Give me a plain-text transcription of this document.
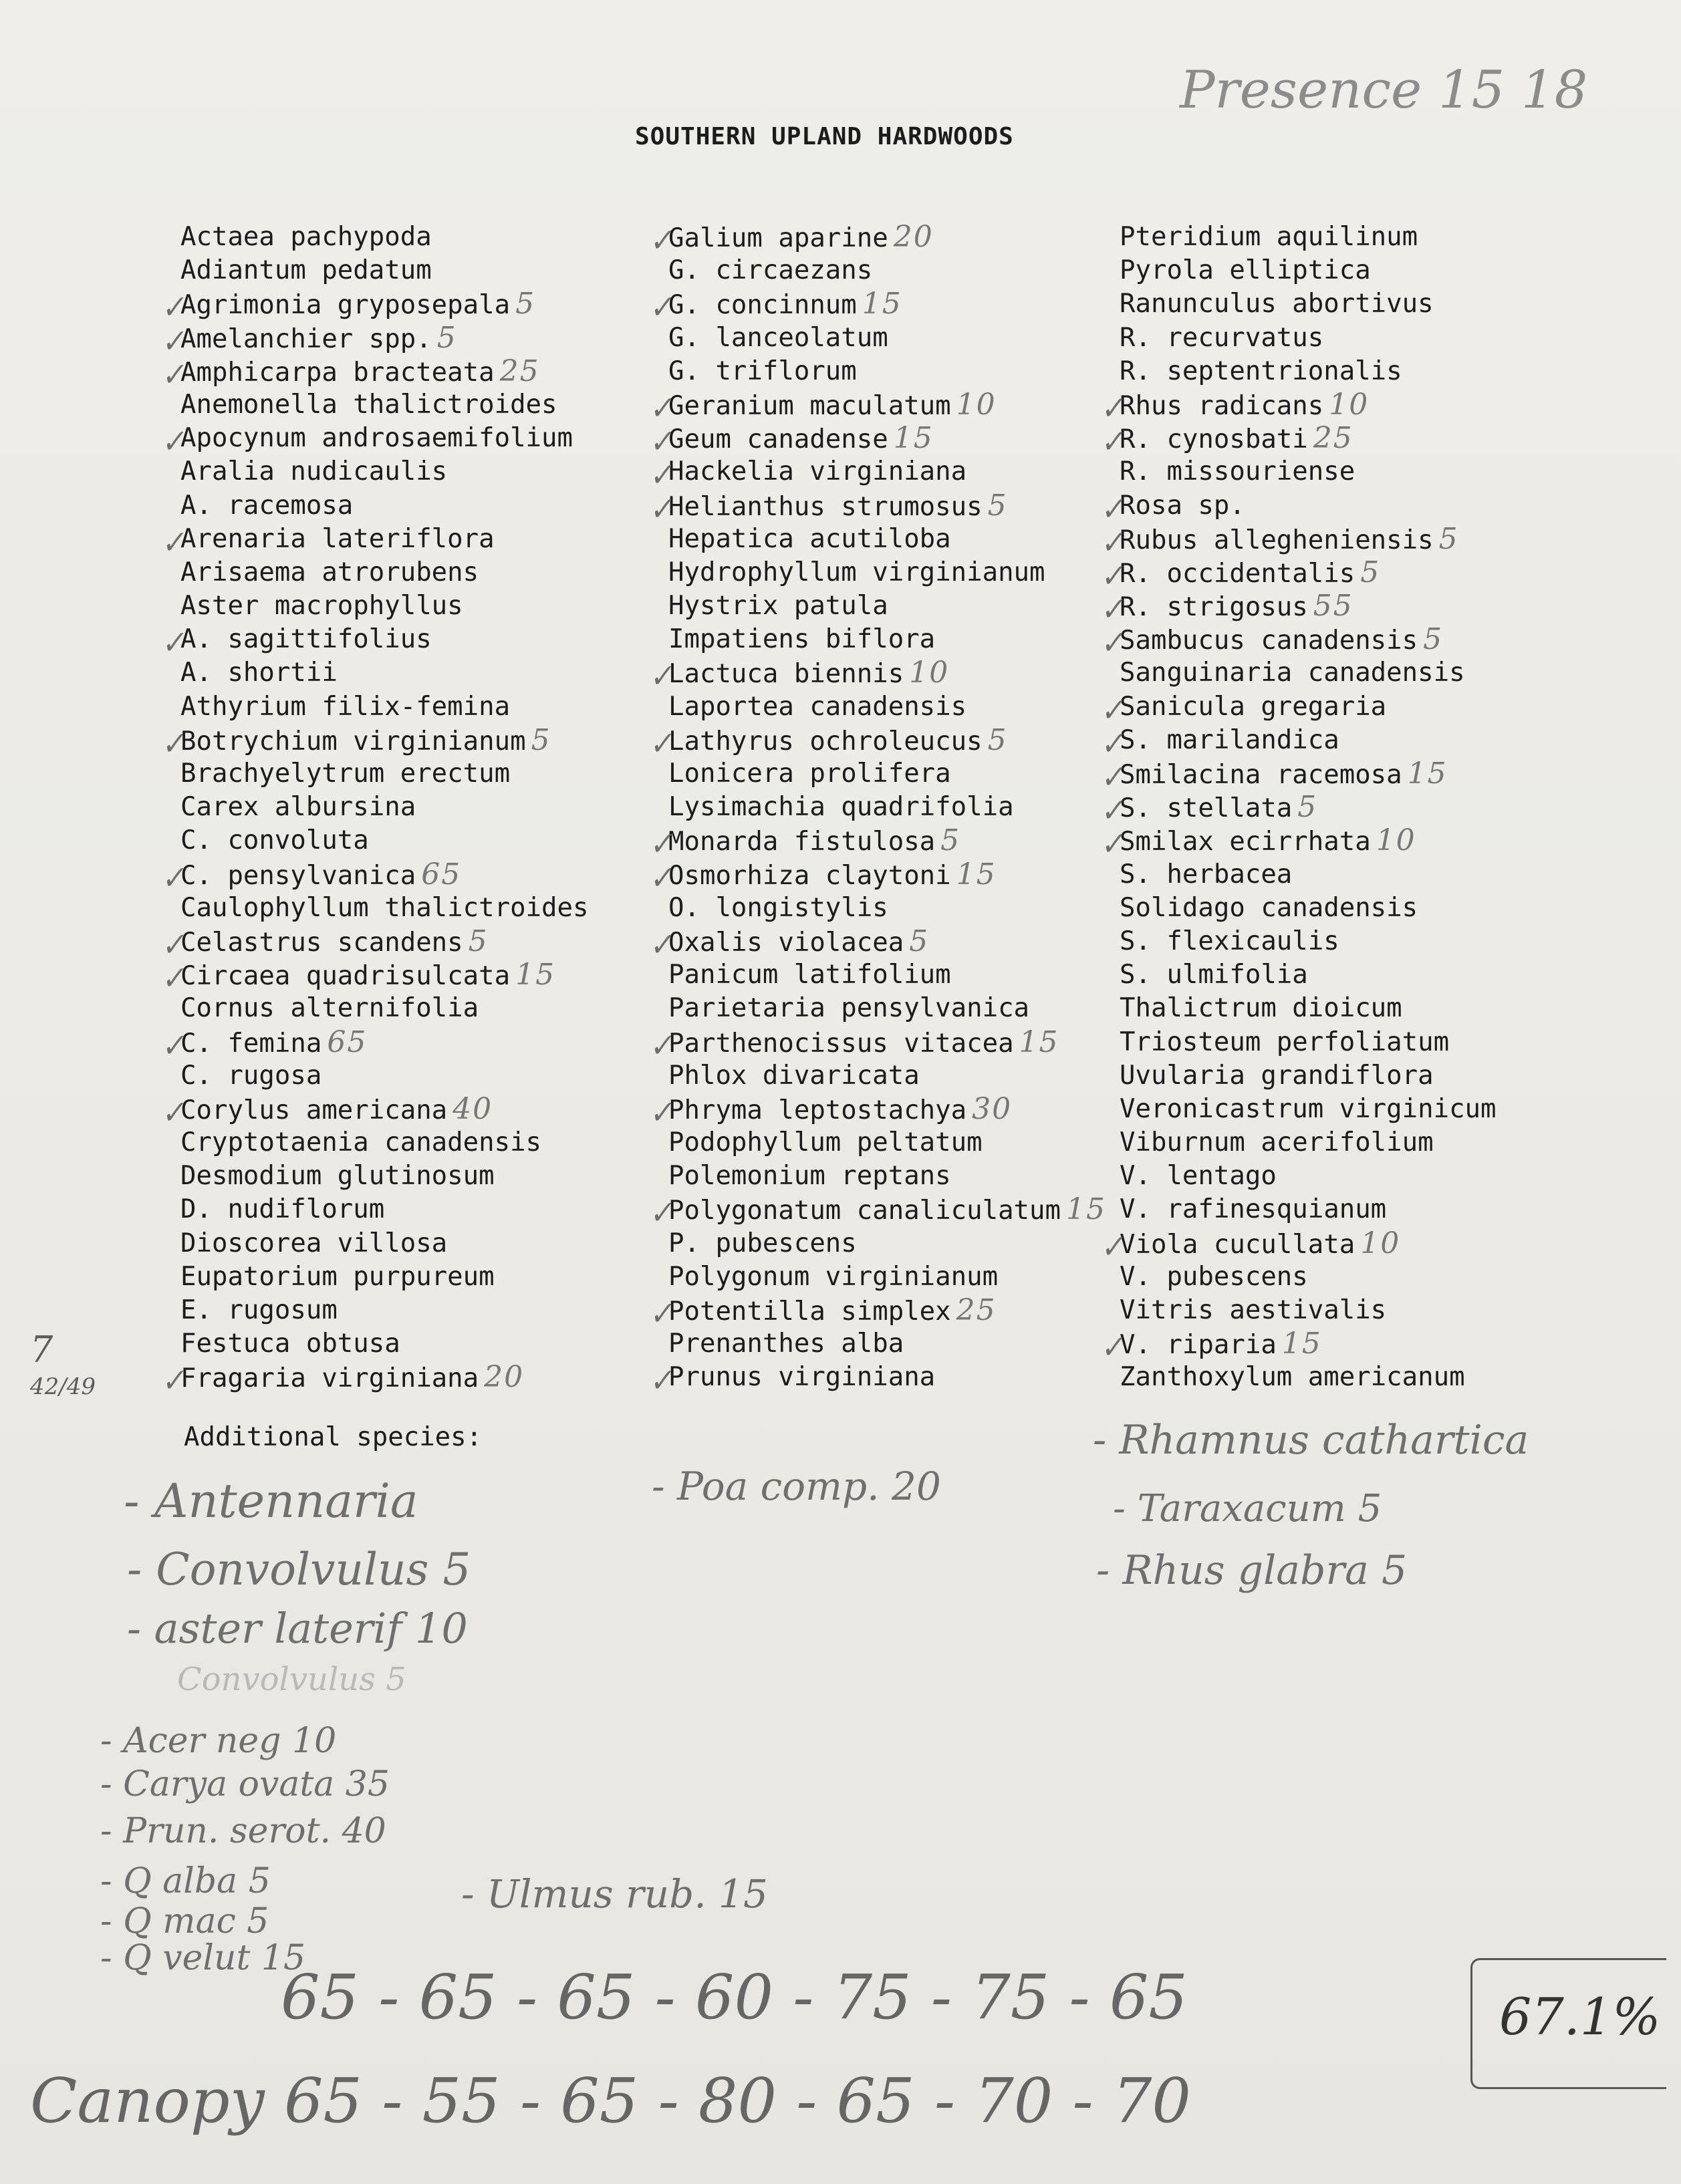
SOUTHERN UPLAND HARDWOODS
Presence 15 18
Actaea pachypoda
Adiantum pedatum
✓
Agrimonia gryposepala 5
✓
Amelanchier spp. 5
✓
Amphicarpa bracteata 25
Anemonella thalictroides
✓
Apocynum androsaemifolium
Aralia nudicaulis
A. racemosa
✓
Arenaria lateriflora
Arisaema atrorubens
Aster macrophyllus
✓
A. sagittifolius
A. shortii
Athyrium filix-femina
✓
Botrychium virginianum 5
Brachyelytrum erectum
Carex albursina
C. convoluta
✓
C. pensylvanica 65
Caulophyllum thalictroides
✓
Celastrus scandens 5
✓
Circaea quadrisulcata 15
Cornus alternifolia
✓
C. femina 65
C. rugosa
✓
Corylus americana 40
Cryptotaenia canadensis
Desmodium glutinosum
D. nudiflorum
Dioscorea villosa
Eupatorium purpureum
E. rugosum
Festuca obtusa
✓
Fragaria virginiana 20
✓
Galium aparine 20
G. circaezans
✓
G. concinnum 15
G. lanceolatum
G. triflorum
✓
Geranium maculatum 10
✓
Geum canadense 15
✓
Hackelia virginiana
✓
Helianthus strumosus 5
Hepatica acutiloba
Hydrophyllum virginianum
Hystrix patula
Impatiens biflora
✓
Lactuca biennis 10
Laportea canadensis
✓
Lathyrus ochroleucus 5
Lonicera prolifera
Lysimachia quadrifolia
✓
Monarda fistulosa 5
✓
Osmorhiza claytoni 15
O. longistylis
✓
Oxalis violacea 5
Panicum latifolium
Parietaria pensylvanica
✓
Parthenocissus vitacea 15
Phlox divaricata
✓
Phryma leptostachya 30
Podophyllum peltatum
Polemonium reptans
✓
Polygonatum canaliculatum 15
P. pubescens
Polygonum virginianum
✓
Potentilla simplex 25
Prenanthes alba
✓
Prunus virginiana
Pteridium aquilinum
Pyrola elliptica
Ranunculus abortivus
R. recurvatus
R. septentrionalis
✓
Rhus radicans 10
✓
R. cynosbati 25
R. missouriense
✓
Rosa sp.
✓
Rubus allegheniensis 5
✓
R. occidentalis 5
✓
R. strigosus 55
✓
Sambucus canadensis 5
Sanguinaria canadensis
✓
Sanicula gregaria
✓
S. marilandica
✓
Smilacina racemosa 15
✓
S. stellata 5
✓
Smilax ecirrhata 10
S. herbacea
Solidago canadensis
S. flexicaulis
S. ulmifolia
Thalictrum dioicum
Triosteum perfoliatum
Uvularia grandiflora
Veronicastrum virginicum
Viburnum acerifolium
V. lentago
V. rafinesquianum
✓
Viola cucullata 10
V. pubescens
Vitris aestivalis
✓
V. riparia 15
Zanthoxylum americanum
7
42/49
Additional species:
- Antennaria
- Convolvulus 5
- aster laterif 10
Convolvulus 5
- Poa comp. 20
- Rhamnus cathartica
- Taraxacum 5
- Rhus glabra 5
- Acer neg 10
- Carya ovata 35
- Prun. serot. 40
- Q alba 5
- Q mac 5
- Q velut 15
- Ulmus rub. 15
65 - 65 - 65 - 60 - 75 - 75 - 65
Canopy 65 - 55 - 65 - 80 - 65 - 70 - 70
67.1%
